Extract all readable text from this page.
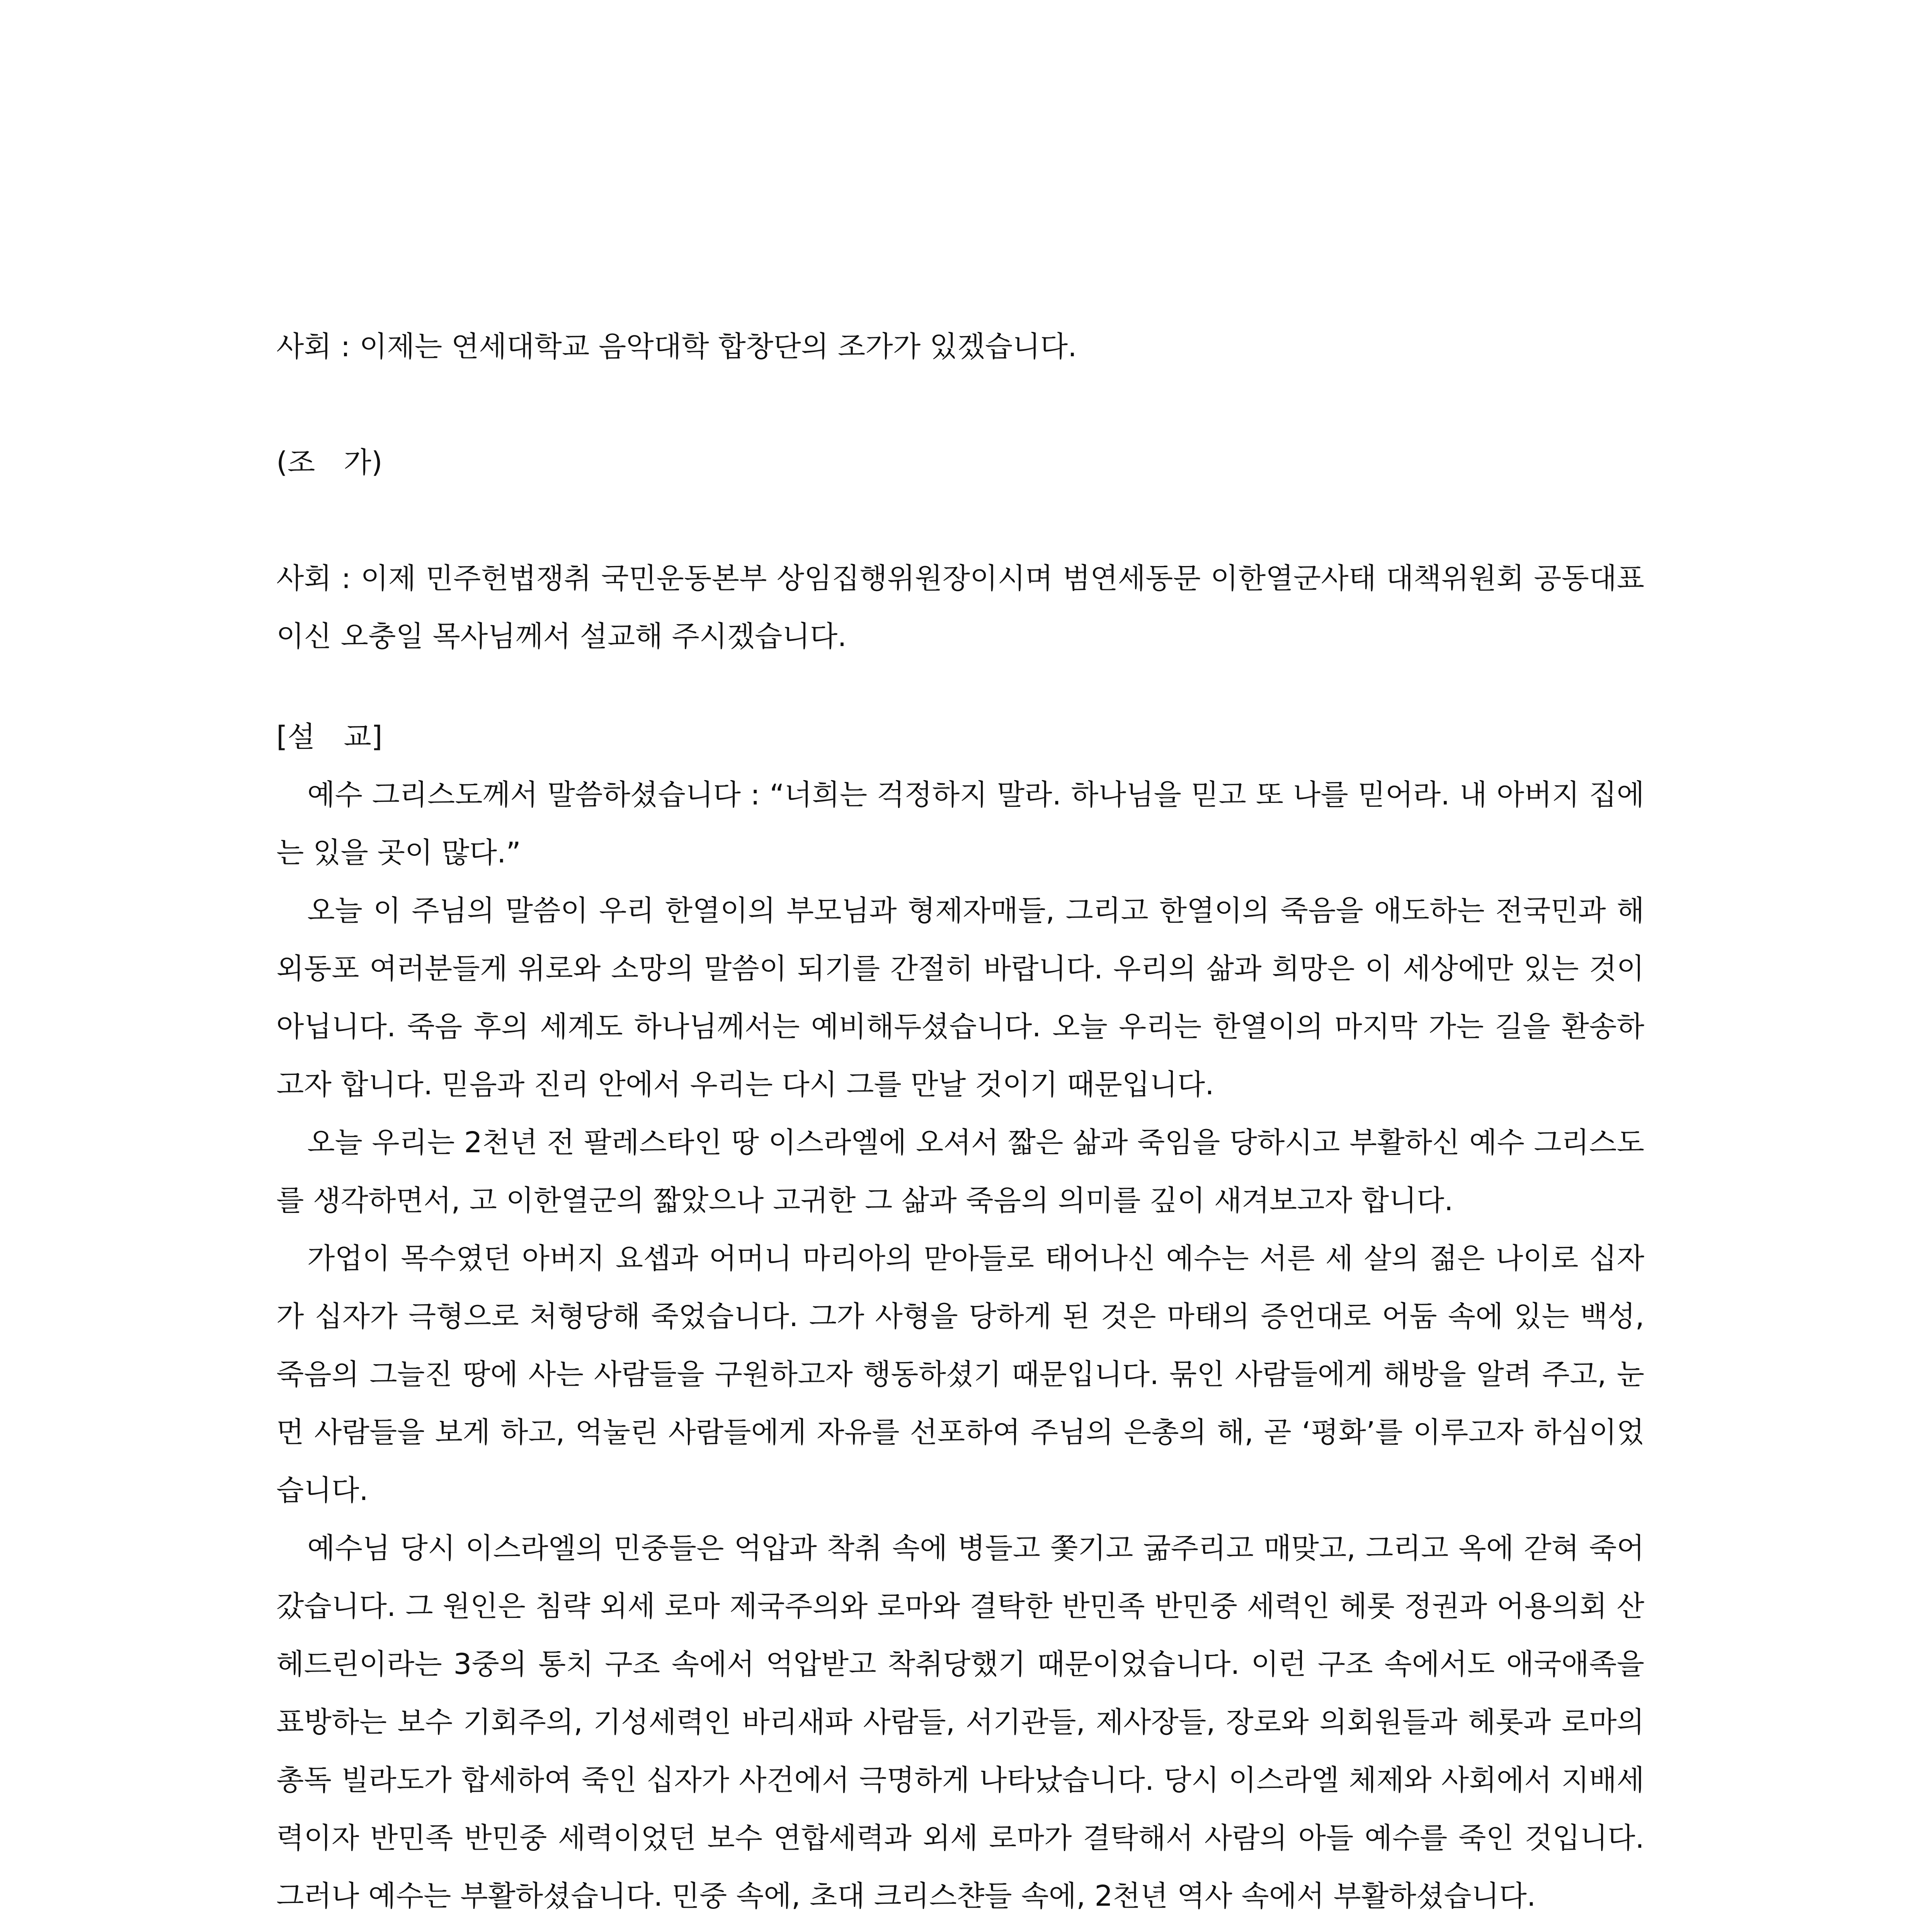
사회 : 이제는 연세대학교 음악대학 합창단의 조가가 있겠습니다.

(조　가)

사회 : 이제 민주헌법쟁취 국민운동본부 상임집행위원장이시며 범연세동문 이한열군사태 대책위원회 공동대표이신 오충일 목사님께서 설교해 주시겠습니다.

[설　교]

예수 그리스도께서 말씀하셨습니다 : “너희는 걱정하지 말라. 하나님을 믿고 또 나를 믿어라. 내 아버지 집에는 있을 곳이 많다.”

오늘 이 주님의 말씀이 우리 한열이의 부모님과 형제자매들, 그리고 한열이의 죽음을 애도하는 전국민과 해외동포 여러분들게 위로와 소망의 말씀이 되기를 간절히 바랍니다. 우리의 삶과 희망은 이 세상에만 있는 것이 아닙니다. 죽음 후의 세계도 하나님께서는 예비해두셨습니다. 오늘 우리는 한열이의 마지막 가는 길을 환송하고자 합니다. 믿음과 진리 안에서 우리는 다시 그를 만날 것이기 때문입니다.

오늘 우리는 2천년 전 팔레스타인 땅 이스라엘에 오셔서 짧은 삶과 죽임을 당하시고 부활하신 예수 그리스도를 생각하면서, 고 이한열군의 짧았으나 고귀한 그 삶과 죽음의 의미를 깊이 새겨보고자 합니다.

가업이 목수였던 아버지 요셉과 어머니 마리아의 맏아들로 태어나신 예수는 서른 세 살의 젊은 나이로 십자가 십자가 극형으로 처형당해 죽었습니다. 그가 사형을 당하게 된 것은 마태의 증언대로 어둠 속에 있는 백성, 죽음의 그늘진 땅에 사는 사람들을 구원하고자 행동하셨기 때문입니다. 묶인 사람들에게 해방을 알려 주고, 눈먼 사람들을 보게 하고, 억눌린 사람들에게 자유를 선포하여 주님의 은총의 해, 곧 ‘평화’를 이루고자 하심이었습니다.

예수님 당시 이스라엘의 민중들은 억압과 착취 속에 병들고 쫓기고 굶주리고 매맞고, 그리고 옥에 갇혀 죽어갔습니다. 그 원인은 침략 외세 로마 제국주의와 로마와 결탁한 반민족 반민중 세력인 헤롯 정권과 어용의회 산헤드린이라는 3중의 통치 구조 속에서 억압받고 착취당했기 때문이었습니다. 이런 구조 속에서도 애국애족을 표방하는 보수 기회주의, 기성세력인 바리새파 사람들, 서기관들, 제사장들, 장로와 의회원들과 헤롯과 로마의 총독 빌라도가 합세하여 죽인 십자가 사건에서 극명하게 나타났습니다. 당시 이스라엘 체제와 사회에서 지배세력이자 반민족 반민중 세력이었던 보수 연합세력과 외세 로마가 결탁해서 사람의 아들 예수를 죽인 것입니다. 그러나 예수는 부활하셨습니다. 민중 속에, 초대 크리스챤들 속에, 2천년 역사 속에서 부활하셨습니다.
